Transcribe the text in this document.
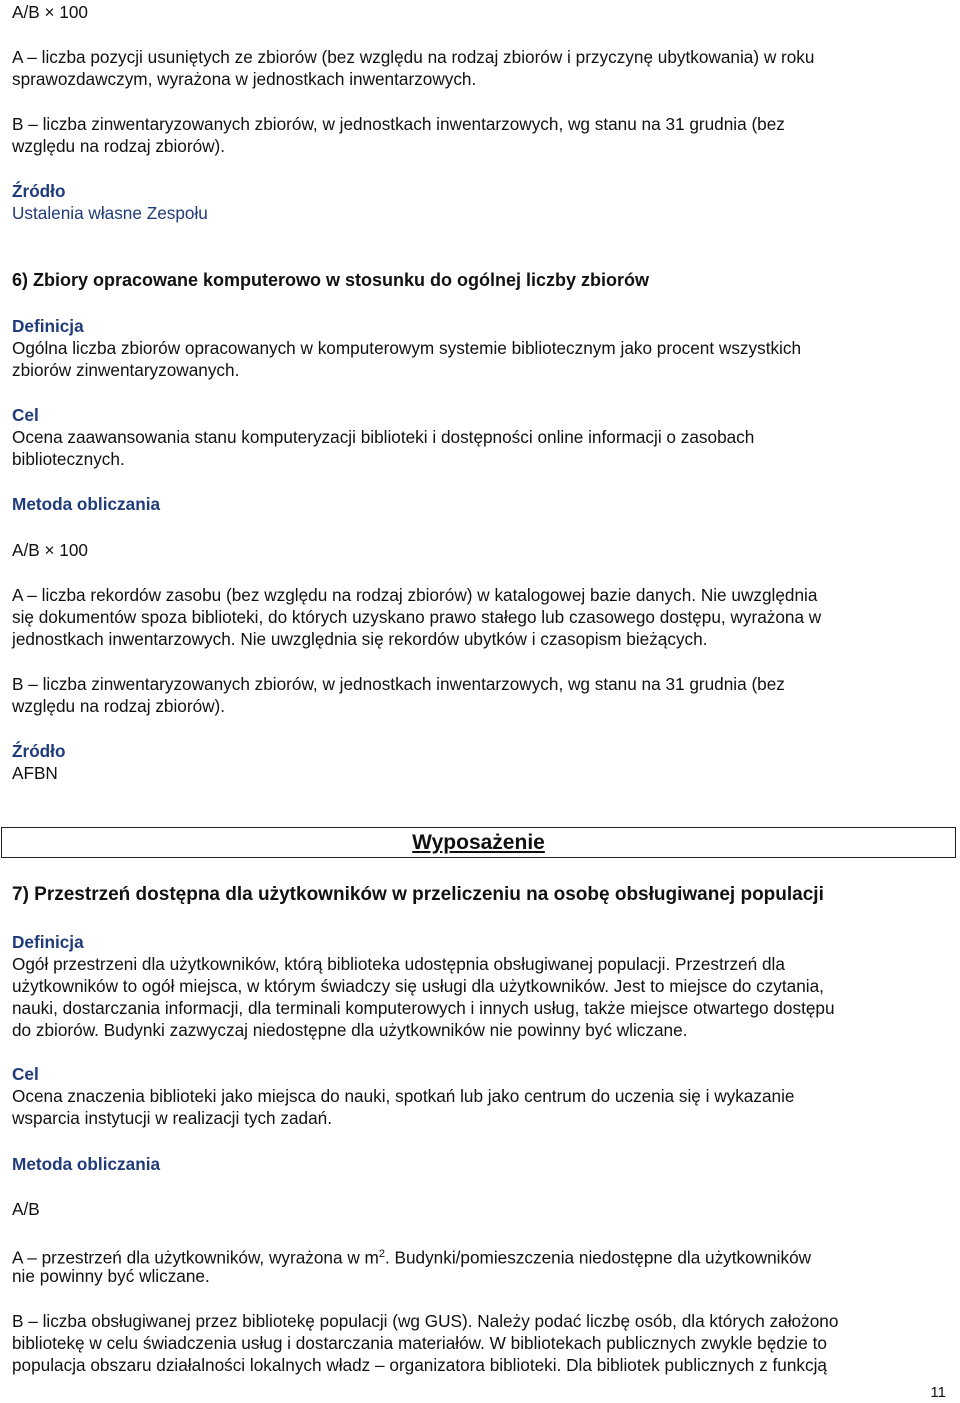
A/B × 100

A – liczba pozycji usuniętych ze zbiorów (bez względu na rodzaj zbiorów i przyczynę ubytkowania) w roku

sprawozdawczym, wyrażona w jednostkach inwentarzowych.

B – liczba zinwentaryzowanych zbiorów, w jednostkach inwentarzowych, wg stanu na 31 grudnia (bez

względu na rodzaj zbiorów).

Źródło

Ustalenia własne Zespołu

6) Zbiory opracowane komputerowo w stosunku do ogólnej liczby zbiorów

Definicja

Ogólna liczba zbiorów opracowanych w komputerowym systemie bibliotecznym jako procent wszystkich

zbiorów zinwentaryzowanych.

Cel

Ocena zaawansowania stanu komputeryzacji biblioteki i dostępności online informacji o zasobach

bibliotecznych.

Metoda obliczania

A/B × 100

A – liczba rekordów zasobu (bez względu na rodzaj zbiorów) w katalogowej bazie danych. Nie uwzględnia

się dokumentów spoza biblioteki, do których uzyskano prawo stałego lub czasowego dostępu, wyrażona w

jednostkach inwentarzowych. Nie uwzględnia się rekordów ubytków i czasopism bieżących.

B – liczba zinwentaryzowanych zbiorów, w jednostkach inwentarzowych, wg stanu na 31 grudnia (bez

względu na rodzaj zbiorów).

Źródło

AFBN

7) Przestrzeń dostępna dla użytkowników w przeliczeniu na osobę obsługiwanej populacji

Definicja

Ogół przestrzeni dla użytkowników, którą biblioteka udostępnia obsługiwanej populacji. Przestrzeń dla

użytkowników to ogół miejsca, w którym świadczy się usługi dla użytkowników. Jest to miejsce do czytania,

nauki, dostarczania informacji, dla terminali komputerowych i innych usług, także miejsce otwartego dostępu

do zbiorów. Budynki zazwyczaj niedostępne dla użytkowników nie powinny być wliczane.

Cel

Ocena znaczenia biblioteki jako miejsca do nauki, spotkań lub jako centrum do uczenia się i wykazanie

wsparcia instytucji w realizacji tych zadań.

Metoda obliczania

A/B

A – przestrzeń dla użytkowników, wyrażona w $m^2$. Budynki/pomieszczenia niedostępne dla użytkowników

nie powinny być wliczane.

B – liczba obsługiwanej przez bibliotekę populacji (wg GUS). Należy podać liczbę osób, dla których założono

bibliotekę w celu świadczenia usług i dostarczania materiałów. W bibliotekach publicznych zwykle będzie to

populacja obszaru działalności lokalnych władz – organizatora biblioteki. Dla bibliotek publicznych z funkcją

Wyposażenie
11
